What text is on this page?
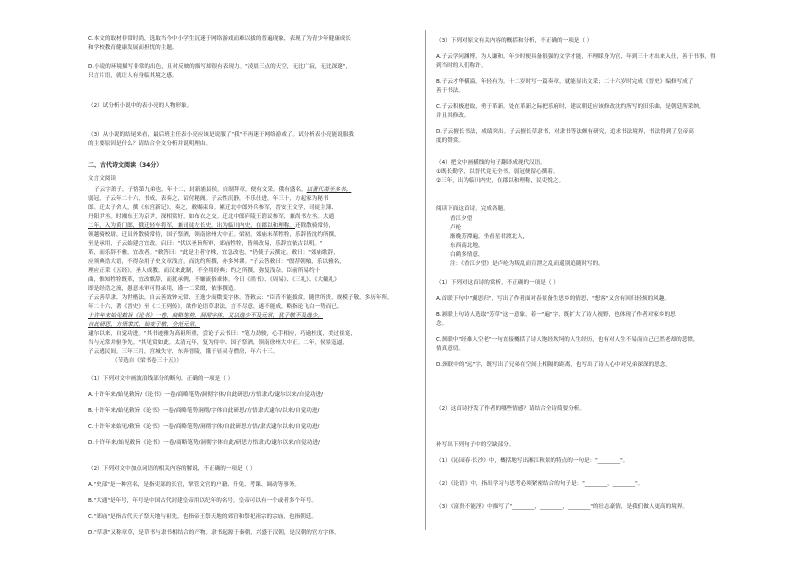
C.本文的取材非常时尚，选取当今中小学生沉迷于网络游戏而难以拔的普遍现象，表现了为青少年健康成长
和学校教育健康发展而担忧的主题。
D.小说的环境描写非常的出色，且对反映的描写却很有表现力。"凌晨三点的天空，无比广寂，无比深邃"，
只言片语，就让人有身临其境之感。
（2）试分析小说中的表小亮的人物形象。
（3）从小说的结尾来看，最后班主任表小亮应该是说服了"我"不再迷于网络游戏了。试分析表小亮能说服我
的主要原因是什么？请结合全文分析并说明理由。
二、古代诗文阅读（34分）
文言文阅读
子云字萧子，子恪第九弟也。年十二，封新浦县侯，自制拜章，便有文采。俄有盛名，以著代萧至多书。
弱冠，子云年二十六，书成，表奏之，诏付秘阁。子云性沉静，不乐仕进，年三十，方起家为秘书
郎。迁太子舍人，撰《东宫新记》，奏之，敕赐束帛。累迁北中郎外兵参军，晋安王文学，司徒主簿、
丹阳尹丞。时湘东王为京尹，深相赏好，如布衣之交。迁北中郎庐陵王谘议参军，兼尚书左丞。大通
二年，入为黄门郎，俄迁轻车将军，兼司徒左长史，出为临川内史，在郡以和理称。还除散骑常侍，
领越骑校尉，迁员外散骑常侍，国子祭酒，领南徐州大中正。梁初，郊庙未革牲牷，乐辞皆沈约所撰，
至是承用，子云始建言宜改。启曰："伏以圣旨所审，郊庙牲牷，皆须改易，乐辞宜依古以明。"
革，而乐辞不雅，宜改者。"敕答曰："此是主者守株，宜急改也。"仍使子云撰定。敕曰："郊庙歌辞，
应须典诰大语，不得杂用子史文章浅言，而沈约所撰，亦多舛谬。"子云答敕曰："殷荐朝飨，乐以雅名，
理应正采《五经》，圣人成教。而汉来此制，不全用经典；约之所撰，弥复浅杂。臣前所易约十
曲，惟知牲牷既革，宜改歌辞，而犹承例，不嫌流俗乖体。今日《尚书》、《周易》、《三礼》、《大戴礼》
即是经诰之流，愚意未审可得录用，谨一二采缀，依事撰造。
子云善草隶，为世楷法，自云善效钟元常、王逸少而微变字体。答敕云："臣昔不能拔赏，随世所贵，规模子敬，多历年所。
年二十六，著《晋史》至《二王列传》，欲作论语草隶法，言不尽意，遂不能成，略指论飞白一势而已。
十许年来始见敕旨《论书》一卷，商略笔势，洞彻字体，又以逸少不及元常，犹子敬不及逸少。
自此研思，方悟隶式，始变子敬，全范元常。
逮尔以来，自觉功进。"其书迹雅为高祖所重，尝论子云书曰："笔力劲骏，心手相应，巧逾杜度，美过崔寔，
当与元常并驱争先。"其见赏如此。太清元年，复为侍中、国子祭酒，领南徐州大中正。二年，侯景寇逼，
子云逃民间。三年三月，宫城失守，东奔晋陵，饿于显灵寺僧房，年六十三。
（节选自《梁书卷三十五》）
（1）下列对文中画波浪线部分的断句，正确的一项是（ ）
A.十许年来/始见敕旨/《论书》一卷/商略笔势/洞彻字体/自此研思/方悟隶式/逮尔以来/自觉功进/
B.十许年来/始见敕旨《论书》一卷/商略笔势洞彻/字体自此研思/方悟隶式逮尔/以来/自觉功进/
C.十许年来始见/敕旨《论书》一卷/商略笔势/洞彻字体/自此研思方悟/隶式逮尔以来/自觉功进/
D.十许年来/始见敕旨《论书》一卷/商略笔势/洞彻字体自此/研思方悟隶式/逮尔以来/自觉功进/
（2）下列对文中加点词语的相关内容的解说，不正确的一项是（ ）
A."史部"是一种宫名，是指吏部的长官，掌管文官的户籍、升免、考课、调动等事务。
B."大通"是年号，年号是中国古代封建皇帝用以纪年的名号，皇帝可以有一个或者多个年号。
C."郊庙"是指古代天子祭天地与祖先，也指帝王祭天地的郊宫和祭祀祖宗的宗庙，也指朝廷。
D."草隶"又称章草，是草书与隶书相结合的产物。隶书起源于秦朝，兴盛于汉朝，是汉朝的官方字体。
（3）下列对原文有关内容的概括和分析，不正确的一项是（ ）
A.子云学问渊博，为人谦和。年少时便具备很强的文学才能，不理睬身为官，年到三十才出来入仕，善于书事，得
到当时的人们称许。
B.子云才华横溢，年轻有为。十二岁时写一篇奏章，就能显出文采；二十六岁时完成《晋史》编修写成了
善于书法。
C.子云积极进取，勇于革新。处在革新之际把乐府时，建议朝廷应该修改沈约所写的旧乐曲，是朝廷所采纳，
并且其修改。
D.子云擅长书法，成绩突出。子云擅长草隶书，对隶书等法颇有研究，追求书法境界，书法得到了皇帝高
度的赞赏。
（4）把文中画横线的句子翻译成现代汉语。
①既长勤学，以晋代竟无全书，弱冠便留心撰着。
②三年，出为临川内史，在郡以和理称，民吏悦之。
阅读下面这首诗，完成各题。
香江夕望
卢纶
渐晚芳潭遍，坐看星君渡北人，
东西南北地，
白鹤多情意，
注：《香江夕望》是卢纶为叛乱而宣泄之乱而遥别追随时写的。
（1）下列对这首诗的赏析，不正确的一项是（ ）
A.首联下句中"翼思归"，写出了作者面对春景备生思乡的情思，"想客"又含有回归轻烦的风趣。
B.颔联上句诗人选取"芳草"这一意象，着一"遍"字，既扩大了诗人视野，也体现了作者对家乡的思
念。
C.颈联中"经难人空老"一句直接概括了诗人饱经坎坷的人生经历，也有对人生不易而自己已然老却的悲愤，
情真意切。
D.颈联中的"远"字，既写出了兄弟在空间上相隔的距离，也写出了诗人心中对兄弟深深的思念。
（2）这首诗抒发了作者的哪些情感？请结合全诗简要分析。
补写出下列句子中的空缺部分。
（1）《沁园春·长沙》中，概括地写出湘江秋景的特点的一句是："________"。
（2）《论语》中，指出学习与思考必须紧密结合的句子是："________，________"。
（3）《富贵不能淫》中描写了"________，________，________"的壮志豪情，是我们做人更高的境界。
